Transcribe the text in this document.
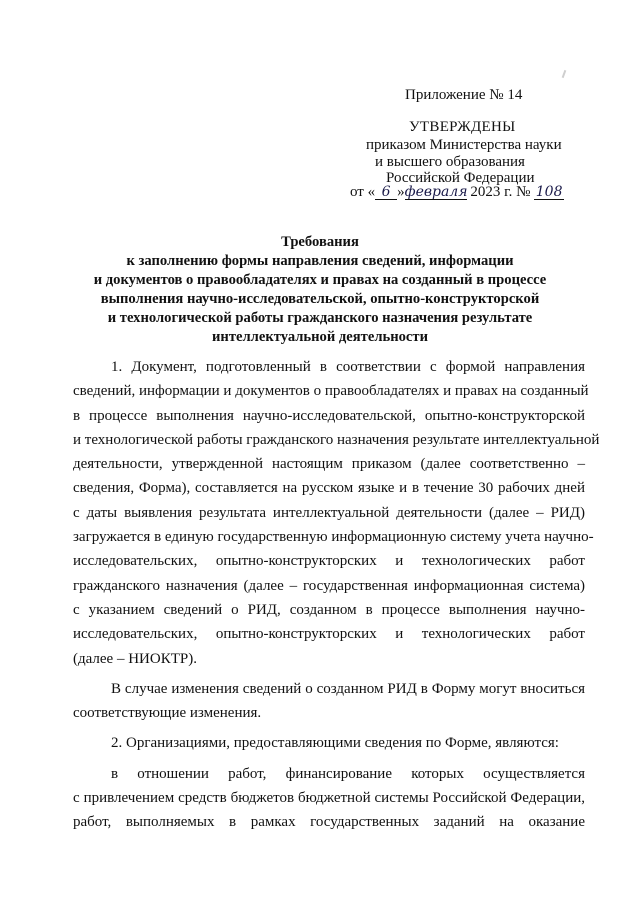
Приложение № 14
УТВЕРЖДЕНЫ
приказом Министерства науки
и высшего образования
Российской Федерации
от « 6 »февраля 2023 г. № 108
Требования
к заполнению формы направления сведений, информации
и документов о правообладателях и правах на созданный в процессе
выполнения научно-исследовательской, опытно-конструкторской
и технологической работы гражданского назначения результате
интеллектуальной деятельности
1. Документ, подготовленный в соответствии с формой направления
сведений, информации и документов о правообладателях и правах на созданный
в процессе выполнения научно-исследовательской, опытно-конструкторской
и технологической работы гражданского назначения результате интеллектуальной
деятельности, утвержденной настоящим приказом (далее соответственно –
сведения, Форма), составляется на русском языке и в течение 30 рабочих дней
с даты выявления результата интеллектуальной деятельности (далее – РИД)
загружается в единую государственную информационную систему учета научно-
исследовательских, опытно-конструкторских и технологических работ
гражданского назначения (далее – государственная информационная система)
с указанием сведений о РИД, созданном в процессе выполнения научно-
исследовательских, опытно-конструкторских и технологических работ
(далее – НИОКТР).
В случае изменения сведений о созданном РИД в Форму могут вноситься
соответствующие изменения.
2. Организациями, предоставляющими сведения по Форме, являются:
в отношении работ, финансирование которых осуществляется
с привлечением средств бюджетов бюджетной системы Российской Федерации,
работ, выполняемых в рамках государственных заданий на оказание
